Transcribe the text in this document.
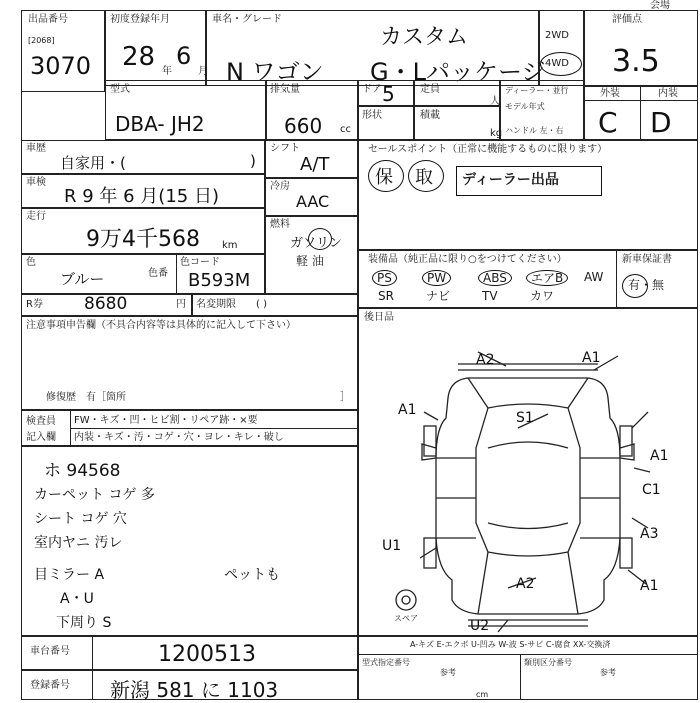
出品番号
[2068]
3070
初度登録年月
28 年
6
月
車名・グレード
カスタム
N ワゴン G・Lパッケージ
2WD
4WD
評価点
3.5
会場
外装	内装
C D
型式
DBA- JH2
排気量
660 cc
ドア 5	定員
人
形状	積載
kg
ディーラー・並行
モデル年式
ハンドル 左・右
車歴
自家用・(	)
車検
R 9 年 6 月(15 日)
走行
9万4千568 km
色
ブルー	色番
色コード
B593M
シフト
A/T
冷房
AAC
燃料
ガソリン
軽 油
R券 8680	円 名変期限 ( )
注意事項申告欄（不具合内容等は具体的に記入して下さい）
修復歴　有［箇所	］
検査員
記入欄
FW・キズ・凹・ヒビ割・リペア跡・×要
内装・キズ・汚・コゲ・穴・ヨレ・キレ・破し
ホ 94568
カーペット コゲ 多
シート コゲ 穴
室内ヤニ 汚レ
目ミラー A
A・U
下周り S
ペットも
セールスポイント（正常に機能するものに限ります）
保 取 ディーラー出品
装備品（純正品に限り○をつけてください）	新車保証書
PS	PW	ABS	エアB	AW
SR	ナビ	TV	カワ
有・無
後日品
A2	A1
A1	S1
A1
C1
A3
U1
A2	A1
U2
スペア
車台番号	1200513
登録番号 新潟 581 に 1103
A-キズ E-エクボ U-凹み W-波 S-サビ C-腐食 XX-交換済
型式指定番号
参考
類別区分番号
参考
cm
